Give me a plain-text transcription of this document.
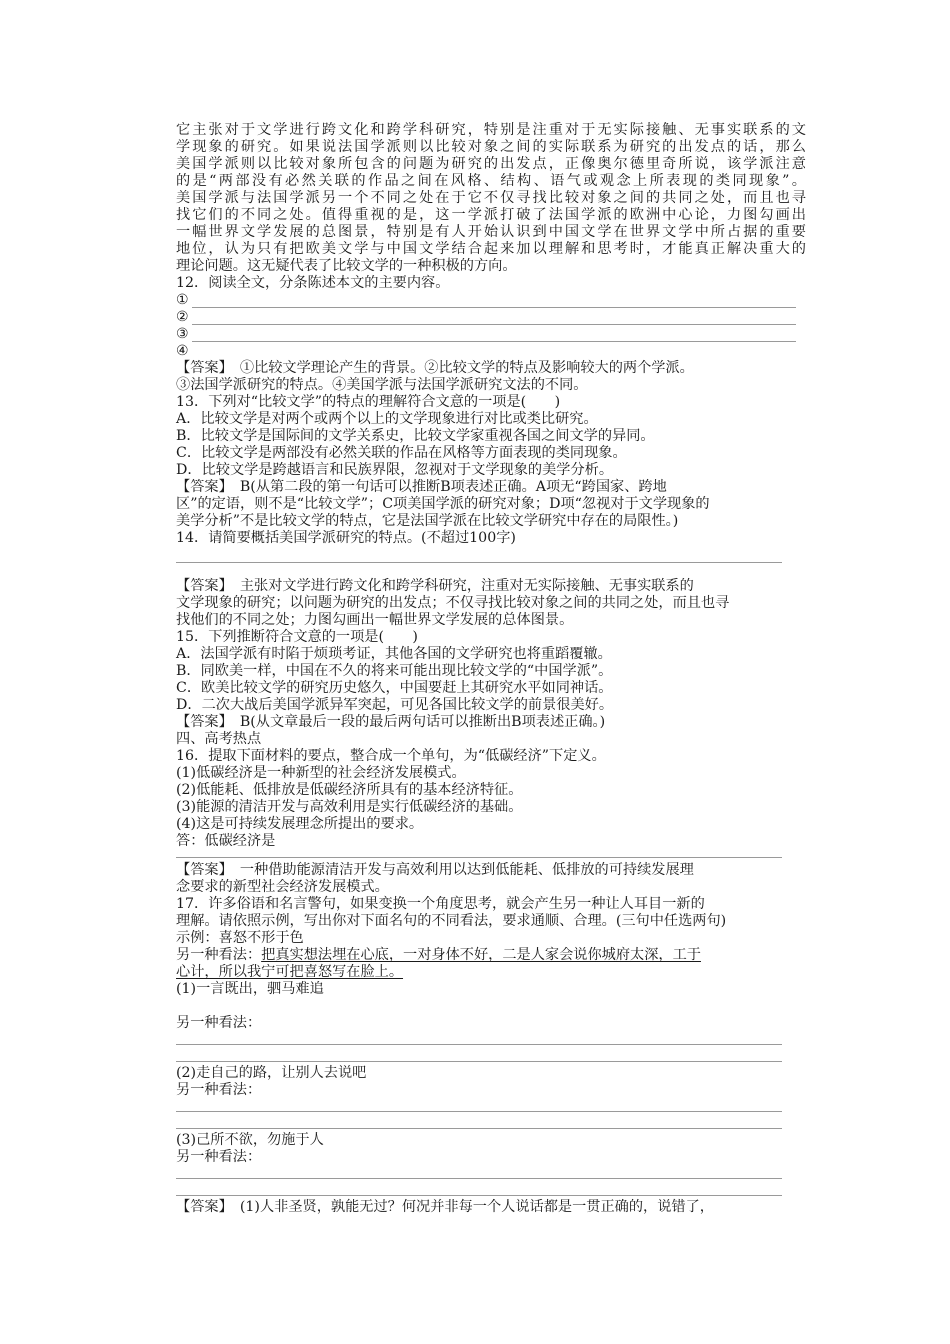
它主张对于文学进行跨文化和跨学科研究，特别是注重对于无实际接触、无事实联系的文
学现象的研究。如果说法国学派则以比较对象之间的实际联系为研究的出发点的话，那么
美国学派则以比较对象所包含的问题为研究的出发点，正像奥尔德里奇所说，该学派注意
的是“两部没有必然关联的作品之间在风格、结构、语气或观念上所表现的类同现象”。
美国学派与法国学派另一个不同之处在于它不仅寻找比较对象之间的共同之处，而且也寻
找它们的不同之处。值得重视的是，这一学派打破了法国学派的欧洲中心论，力图勾画出
一幅世界文学发展的总图景，特别是有人开始认识到中国文学在世界文学中所占据的重要
地位，认为只有把欧美文学与中国文学结合起来加以理解和思考时，才能真正解决重大的
理论问题。这无疑代表了比较文学的一种积极的方向。
12．阅读全文，分条陈述本文的主要内容。
①
②
③
④
【答案】　①比较文学理论产生的背景。②比较文学的特点及影响较大的两个学派。
③法国学派研究的特点。④美国学派与法国学派研究文法的不同。
13．下列对“比较文学”的特点的理解符合文意的一项是(　　)
A．比较文学是对两个或两个以上的文学现象进行对比或类比研究。
B．比较文学是国际间的文学关系史，比较文学家重视各国之间文学的异同。
C．比较文学是两部没有必然关联的作品在风格等方面表现的类同现象。
D．比较文学是跨越语言和民族界限，忽视对于文学现象的美学分析。
【答案】　B(从第二段的第一句话可以推断B项表述正确。A项无“跨国家、跨地
区”的定语，则不是“比较文学”；C项美国学派的研究对象；D项“忽视对于文学现象的
美学分析”不是比较文学的特点，它是法国学派在比较文学研究中存在的局限性。)
14．请简要概括美国学派研究的特点。(不超过100字)
【答案】　主张对文学进行跨文化和跨学科研究，注重对无实际接触、无事实联系的
文学现象的研究；以问题为研究的出发点；不仅寻找比较对象之间的共同之处，而且也寻
找他们的不同之处；力图勾画出一幅世界文学发展的总体图景。
15．下列推断符合文意的一项是(　　)
A．法国学派有时陷于烦琐考证，其他各国的文学研究也将重蹈覆辙。
B．同欧美一样，中国在不久的将来可能出现比较文学的“中国学派”。
C．欧美比较文学的研究历史悠久，中国要赶上其研究水平如同神话。
D．二次大战后美国学派异军突起，可见各国比较文学的前景很美好。
【答案】　B(从文章最后一段的最后两句话可以推断出B项表述正确。)
四、高考热点
16．提取下面材料的要点，整合成一个单句，为“低碳经济”下定义。
(1)低碳经济是一种新型的社会经济发展模式。
(2)低能耗、低排放是低碳经济所具有的基本经济特征。
(3)能源的清洁开发与高效利用是实行低碳经济的基础。
(4)这是可持续发展理念所提出的要求。
答：低碳经济是
【答案】　一种借助能源清洁开发与高效利用以达到低能耗、低排放的可持续发展理
念要求的新型社会经济发展模式。
17．许多俗语和名言警句，如果变换一个角度思考，就会产生另一种让人耳目一新的
理解。请依照示例，写出你对下面名句的不同看法，要求通顺、合理。(三句中任选两句)
示例：喜怒不形于色
另一种看法：把真实想法埋在心底，一对身体不好，二是人家会说你城府太深，工于
心计，所以我宁可把喜怒写在脸上。
(1)一言既出，驷马难追
另一种看法：
(2)走自己的路，让别人去说吧
另一种看法：
(3)己所不欲，勿施于人
另一种看法：
【答案】　(1)人非圣贤，孰能无过？何况并非每一个人说话都是一贯正确的，说错了，
